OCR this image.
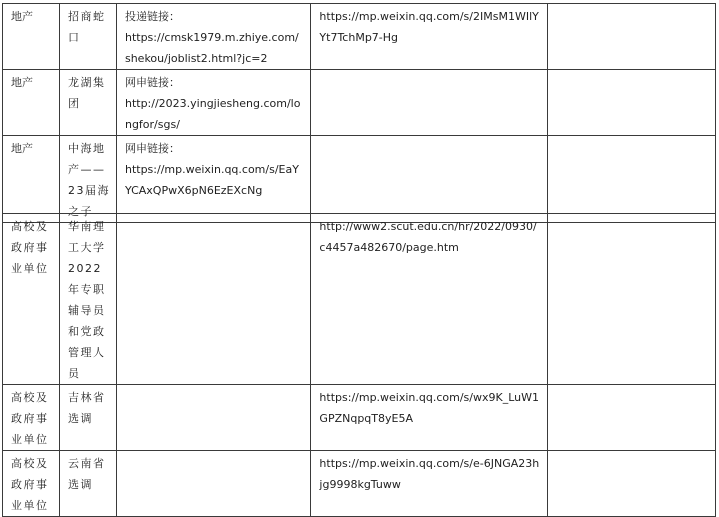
地产	招商蛇口	投递链接：
https://cmsk1979.m.zhiye.com/shekou/joblist2.html?jc=2	https://mp.weixin.qq.com/s/2IMsM1WIlYYt7TchMp7-Hg	

地产	龙湖集团	网申链接：
http://2023.yingjiesheng.com/longfor/sgs/		

地产	中海地产——23届海之子	网申链接：
https://mp.weixin.qq.com/s/EaYYCAxQPwX6pN6EzEXcNg		

高校及政府事业单位	华南理工大学2022年专职辅导员和党政管理人员		http://www2.scut.edu.cn/hr/2022/0930/c4457a482670/page.htm	

高校及政府事业单位	吉林省选调		https://mp.weixin.qq.com/s/wx9K_LuW1GPZNqpqT8yE5A	

高校及政府事业单位	云南省选调		https://mp.weixin.qq.com/s/e-6JNGA23hjg9998kgTuww	
